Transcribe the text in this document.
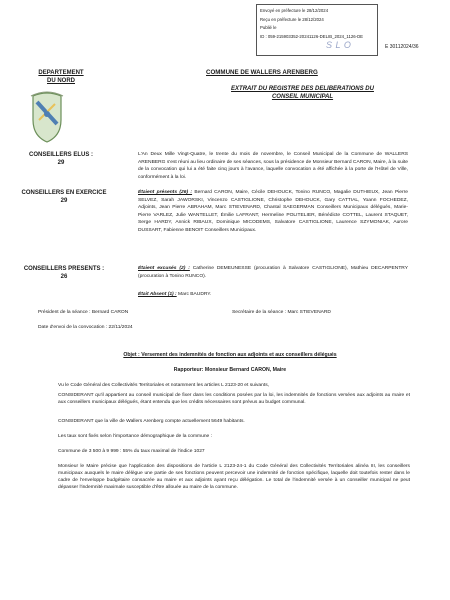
Envoyé en préfecture le 28/12/2024
Reçu en préfecture le 28/12/2024
Publié le
ID : 059-215903352-20241126-DELIB_2024_1126-DE
S L O	E 30112024/36
DEPARTEMENT
DU NORD
COMMUNE DE WALLERS ARENBERG
EXTRAIT DU REGISTRE DES DELIBERATIONS DU
CONSEIL MUNICIPAL
CONSEILLERS ELUS :
29
L'An Deux Mille Vingt-Quatre, le trente du mois de novembre, le Conseil Municipal de la Commune de WALLERS ARENBERG s'est réuni au lieu ordinaire de ses séances, sous la présidence de Monsieur Bernard CARON, Maire, à la suite de la convocation qui lui a été faite cinq jours à l'avance, laquelle convocation a été affichée à la porte de l'Hôtel de Ville, conformément à la loi.
CONSEILLERS EN EXERCICE
29
Étaient présents (26) : Bernard CARON, Maire, Cécile DEHOUCK, Tonino RUNCO, Magalie DUTHIEUX, Jean Pierre SELVEZ, Sarah JAWORSKI, Vincenzo CASTIGLIONE, Christophe DEHOUCK, Gary CATTIAL, Yoann FOCHEDEZ, Adjoints, Jean Pierre ABRAHAM, Marc STIEVENARD, Chantal SAEGERMAN Conseillers Municipaux délégués, Marie-Pierre VARLEZ, Julie WANTELLET, Émilie LAFRANT, Hermeline POLITELIER, Bénédicte COTTEL, Laurent STAQUET, Serge HARDY, Annick RIBAUX, Dominique MICODEMS, Salvatore CASTIGLIONE, Laurence SZYMONIAK, Aurore DUSSART, Fabienne BENOIT Conseillers Municipaux.
CONSEILLERS PRESENTS :
26
Étaient excusés (2) : Catherine DEMEUNESSE (procuration à Salvatore CASTIGLIONE), Mathieu DECARPENTRY (procuration à Tonino RUNCO).
Était Absent (1) : Marc BAUDRY.
Président de la séance : Bernard CARON	Secrétaire de la séance : Marc STIEVENARD
Date d'envoi de la convocation : 22/11/2024
Objet : Versement des indemnités de fonction aux adjoints et aux conseillers délégués
Rapporteur: Monsieur Bernard CARON, Maire
Vu le Code Général des Collectivités Territoriales et notamment les articles L 2123-20 et suivants,
CONSIDERANT qu'il appartient au conseil municipal de fixer dans les conditions posées par la loi, les indemnités de fonctions versées aux adjoints au maire et aux conseillers municipaux délégués, étant entendu que les crédits nécessaires sont prévus au budget communal.
CONSIDERANT que la ville de Wallers Arenberg compte actuellement 5649 habitants.
Les taux sont fixés selon l'importance démographique de la commune :
Commune de 3 500 à 9 999 : 55% du taux maximal de l'indice 1027
Monsieur le Maire précise que l'application des dispositions de l'article L 2123-24-1 du Code Général des Collectivités Territoriales alinéa III, les conseillers municipaux auxquels le maire délègue une partie de ses fonctions peuvent percevoir une indemnité de fonction spécifique, laquelle doit toutefois rester dans le cadre de l'enveloppe budgétaire consacrée au maire et aux adjoints ayant reçu délégation. Le total de l'indemnité versée à un conseiller municipal ne peut dépasser l'indemnité maximale susceptible d'être allouée au maire de la commune.
